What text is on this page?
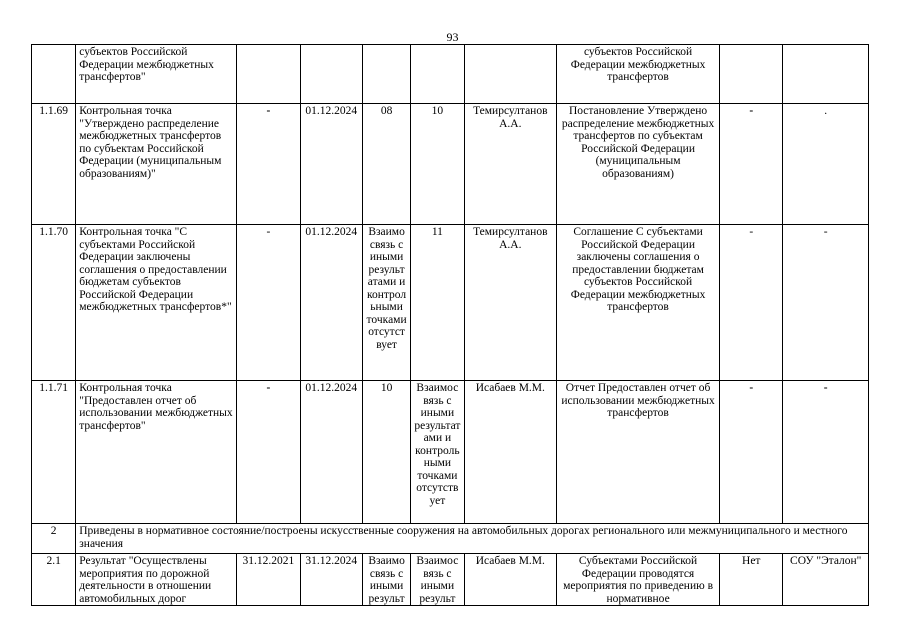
93
	субъектов Российской Федерации межбюджетных трансфертов"						субъектов Российской Федерации межбюджетных трансфертов		
1.1.69	Контрольная точка "Утверждено распределение межбюджетных трансфертов по субъектам Российской Федерации (муниципальным образованиям)"	-	01.12.2024	08	10	Темирсултанов А.А.	Постановление Утверждено распределение межбюджетных трансфертов по субъектам Российской Федерации (муниципальным образованиям)	-	.
1.1.70	Контрольная точка "С субъектами Российской Федерации заключены соглашения о предоставлении бюджетам субъектов Российской Федерации межбюджетных трансфертов*"	-	01.12.2024	Взаимосвязь с иными результатами и контрольными точками отсутствует	11	Темирсултанов А.А.	Соглашение С субъектами Российской Федерации заключены соглашения о предоставлении бюджетам субъектов Российской Федерации межбюджетных трансфертов	-	-
1.1.71	Контрольная точка "Предоставлен отчет об использовании межбюджетных трансфертов"	-	01.12.2024	10	Взаимосвязь с иными результатами и контрольными точками отсутствует	Исабаев М.М.	Отчет Предоставлен отчет об использовании межбюджетных трансфертов	-	-
2	Приведены в нормативное состояние/построены искусственные сооружения на автомобильных дорогах регионального или межмуниципального и местного значения								
2.1	Результат "Осуществлены мероприятия по дорожной деятельности в отношении автомобильных дорог	31.12.2021	31.12.2024	Взаимосвязь с иными результ	Взаимосвязь с иными результ	Исабаев М.М.	Субъектами Российской Федерации проводятся мероприятия по приведению в нормативное	Нет	СОУ "Эталон"
